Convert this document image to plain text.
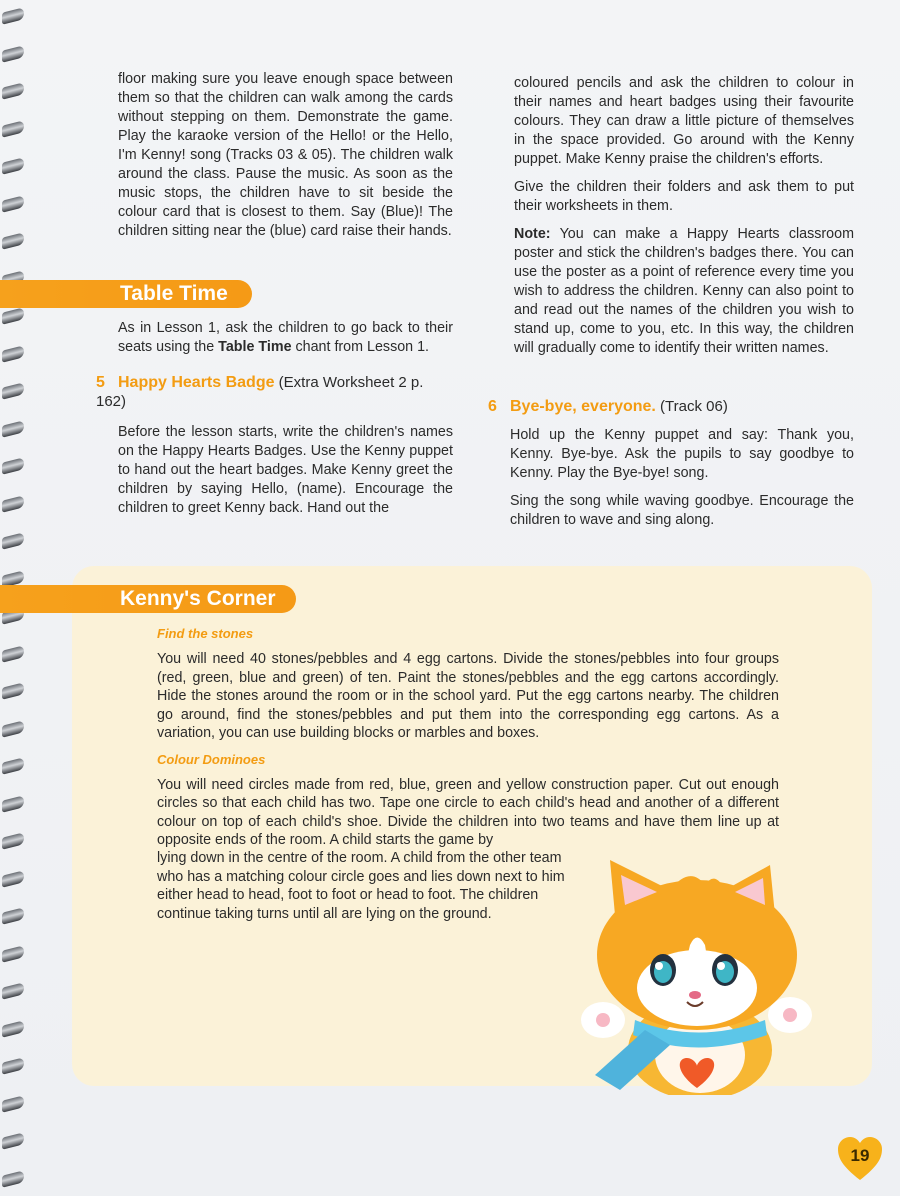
floor making sure you leave enough space between them so that the children can walk among the cards without stepping on them. Demonstrate the game. Play the karaoke version of the Hello! or the Hello, I'm Kenny! song (Tracks 03 & 05). The children walk around the class. Pause the music. As soon as the music stops, the children have to sit beside the colour card that is closest to them. Say (Blue)! The children sitting near the (blue) card raise their hands.

Table Time

As in Lesson 1, ask the children to go back to their seats using the Table Time chant from Lesson 1.

5 Happy Hearts Badge (Extra Worksheet 2 p. 162)

Before the lesson starts, write the children's names on the Happy Hearts Badges. Use the Kenny puppet to hand out the heart badges. Make Kenny greet the children by saying Hello, (name). Encourage the children to greet Kenny back. Hand out the

coloured pencils and ask the children to colour in their names and heart badges using their favourite colours. They can draw a little picture of themselves in the space provided. Go around with the Kenny puppet. Make Kenny praise the children's efforts.

Give the children their folders and ask them to put their worksheets in them.

Note: You can make a Happy Hearts classroom poster and stick the children's badges there. You can use the poster as a point of reference every time you wish to address the children. Kenny can also point to and read out the names of the children you wish to stand up, come to you, etc. In this way, the children will gradually come to identify their written names.

6 Bye-bye, everyone. (Track 06)

Hold up the Kenny puppet and say: Thank you, Kenny. Bye-bye. Ask the pupils to say goodbye to Kenny. Play the Bye-bye! song.

Sing the song while waving goodbye. Encourage the children to wave and sing along.

Kenny's Corner

Find the stones

You will need 40 stones/pebbles and 4 egg cartons. Divide the stones/pebbles into four groups (red, green, blue and green) of ten. Paint the stones/pebbles and the egg cartons accordingly. Hide the stones around the room or in the school yard. Put the egg cartons nearby. The children go around, find the stones/pebbles and put them into the corresponding egg cartons. As a variation, you can use building blocks or marbles and boxes.

Colour Dominoes

You will need circles made from red, blue, green and yellow construction paper. Cut out enough circles so that each child has two. Tape one circle to each child's head and another of a different colour on top of each child's shoe. Divide the children into two teams and have them line up at opposite ends of the room. A child starts the game by

lying down in the centre of the room. A child from the other team who has a matching colour circle goes and lies down next to him either head to head, foot to foot or head to foot. The children continue taking turns until all are lying on the ground.

19
